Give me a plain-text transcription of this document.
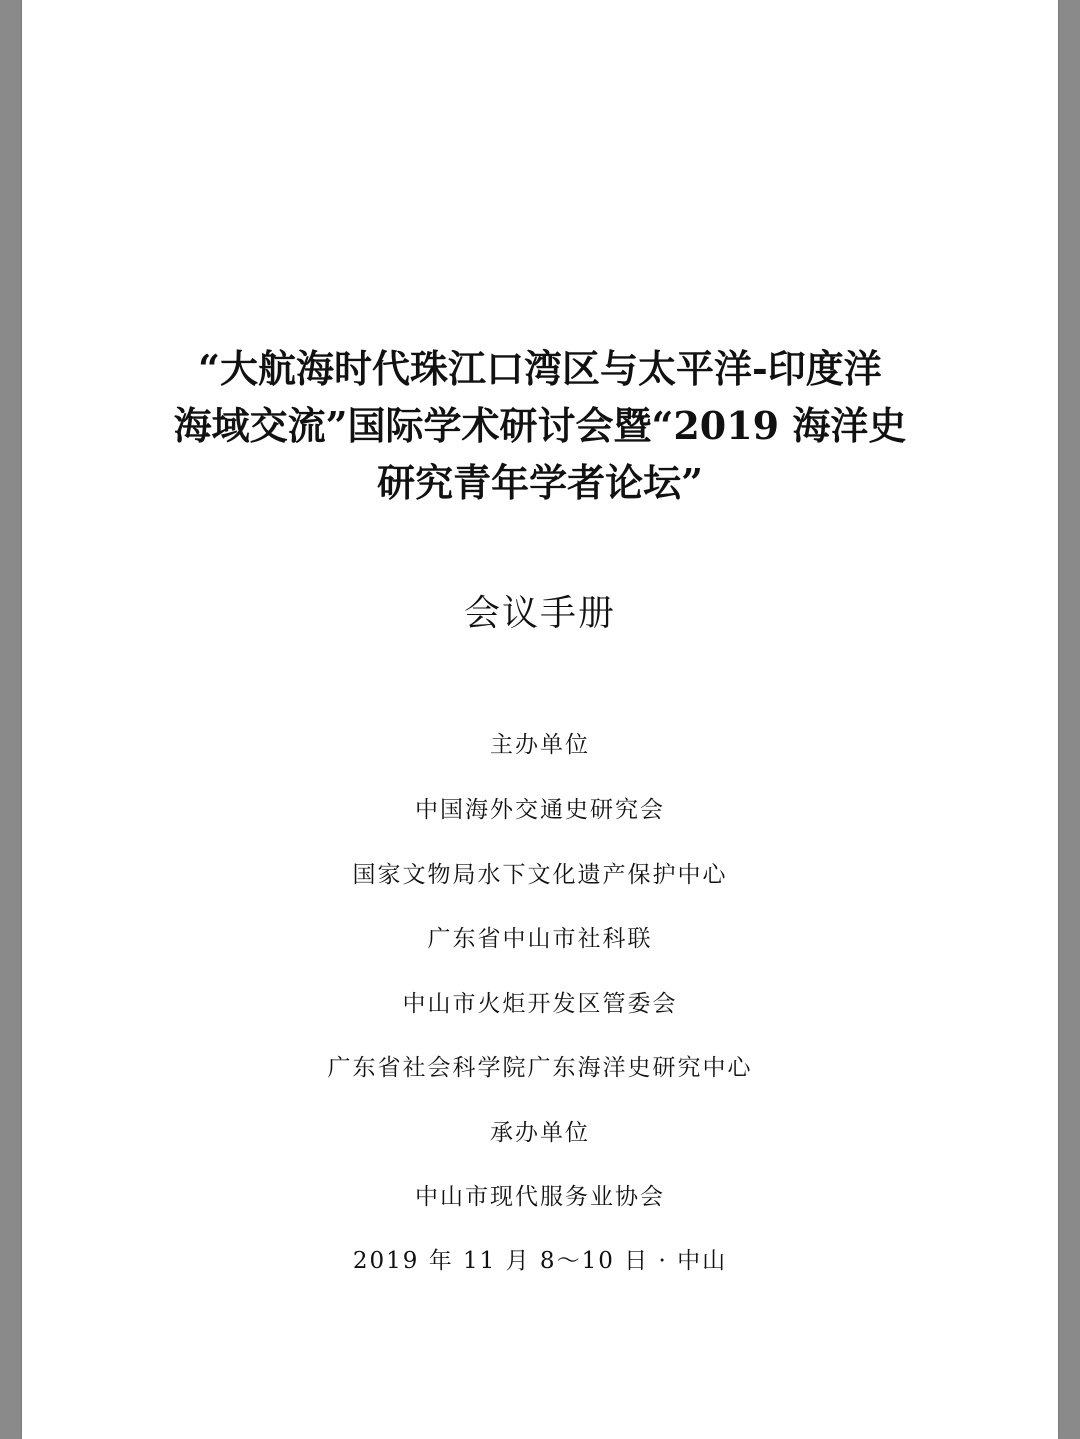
“大航海时代珠江口湾区与太平洋-印度洋
海域交流”国际学术研讨会暨“2019 海洋史
研究青年学者论坛”
会议手册
主办单位
中国海外交通史研究会
国家文物局水下文化遗产保护中心
广东省中山市社科联
中山市火炬开发区管委会
广东省社会科学院广东海洋史研究中心
承办单位
中山市现代服务业协会
2019 年 11 月 8～10 日 · 中山
